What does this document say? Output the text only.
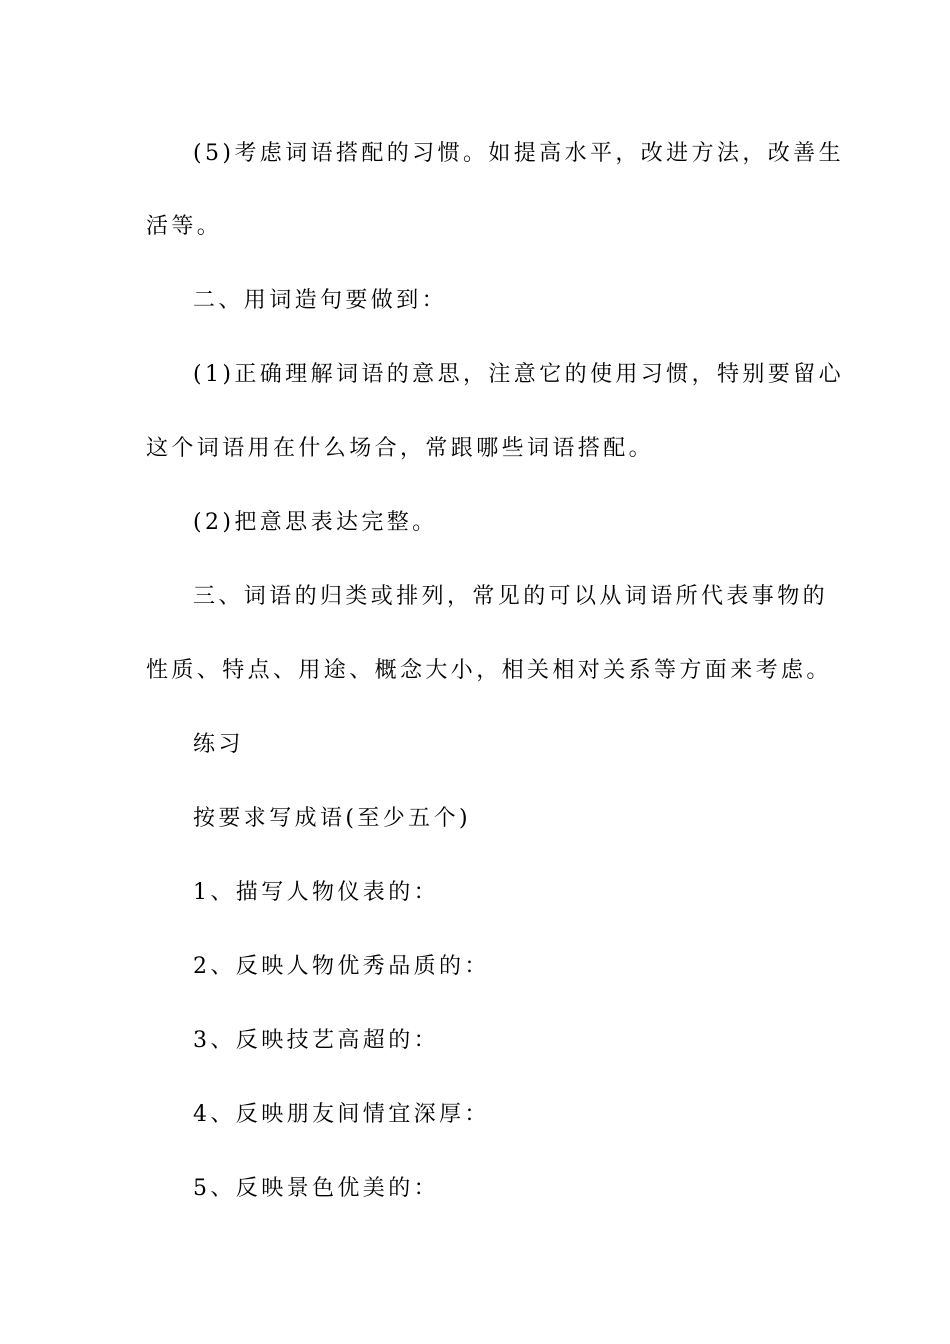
(5)考虑词语搭配的习惯。如提高水平，改进方法，改善生
活等。
二、用词造句要做到：
(1)正确理解词语的意思，注意它的使用习惯，特别要留心
这个词语用在什么场合，常跟哪些词语搭配。
(2)把意思表达完整。
三、词语的归类或排列，常见的可以从词语所代表事物的
性质、特点、用途、概念大小，相关相对关系等方面来考虑。
练习
按要求写成语(至少五个)
1、描写人物仪表的：
2、反映人物优秀品质的：
3、反映技艺高超的：
4、反映朋友间情宜深厚：
5、反映景色优美的：
